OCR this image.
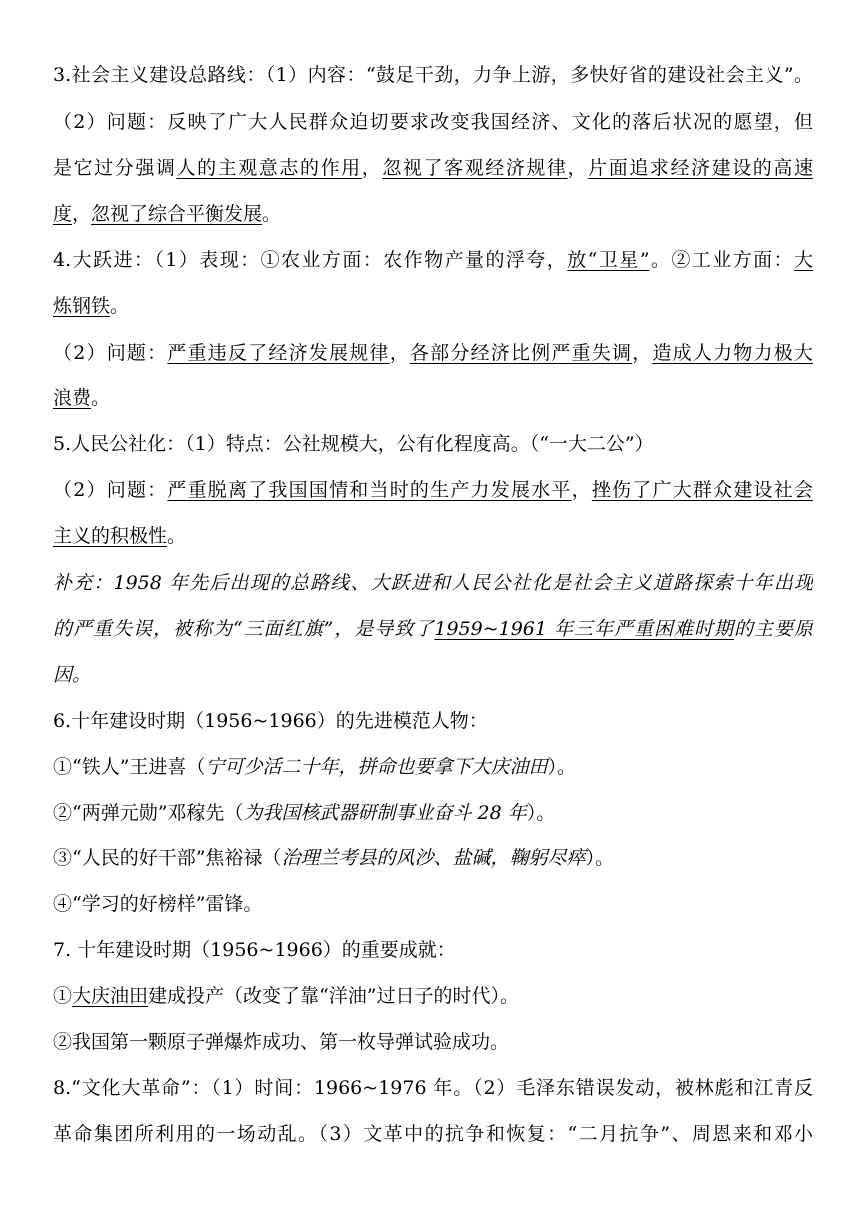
3.社会主义建设总路线：（1）内容：“鼓足干劲，力争上游，多快好省的建设社会主义”。
（2）问题：反映了广大人民群众迫切要求改变我国经济、文化的落后状况的愿望，但
是它过分强调人的主观意志的作用，忽视了客观经济规律，片面追求经济建设的高速
度，忽视了综合平衡发展。
4.大跃进：（1）表现：①农业方面：农作物产量的浮夸，放“卫星”。②工业方面：大
炼钢铁。
（2）问题：严重违反了经济发展规律，各部分经济比例严重失调，造成人力物力极大
浪费。
5.人民公社化：（1）特点：公社规模大，公有化程度高。（“一大二公”）
（2）问题：严重脱离了我国国情和当时的生产力发展水平，挫伤了广大群众建设社会
主义的积极性。
补充：1958 年先后出现的总路线、大跃进和人民公社化是社会主义道路探索十年出现
的严重失误，被称为“三面红旗”，是导致了1959~1961 年三年严重困难时期的主要原
因。
6.十年建设时期（1956~1966）的先进模范人物：
①“铁人”王进喜（宁可少活二十年，拼命也要拿下大庆油田）。
②“两弹元勋”邓稼先（为我国核武器研制事业奋斗 28 年）。
③“人民的好干部”焦裕禄（治理兰考县的风沙、盐碱，鞠躬尽瘁）。
④“学习的好榜样”雷锋。
7. 十年建设时期（1956~1966）的重要成就：
①大庆油田建成投产（改变了靠“洋油”过日子的时代）。
②我国第一颗原子弹爆炸成功、第一枚导弹试验成功。
8.“文化大革命”：（1）时间：1966~1976 年。（2）毛泽东错误发动，被林彪和江青反
革命集团所利用的一场动乱。（3）文革中的抗争和恢复：“二月抗争”、周恩来和邓小
